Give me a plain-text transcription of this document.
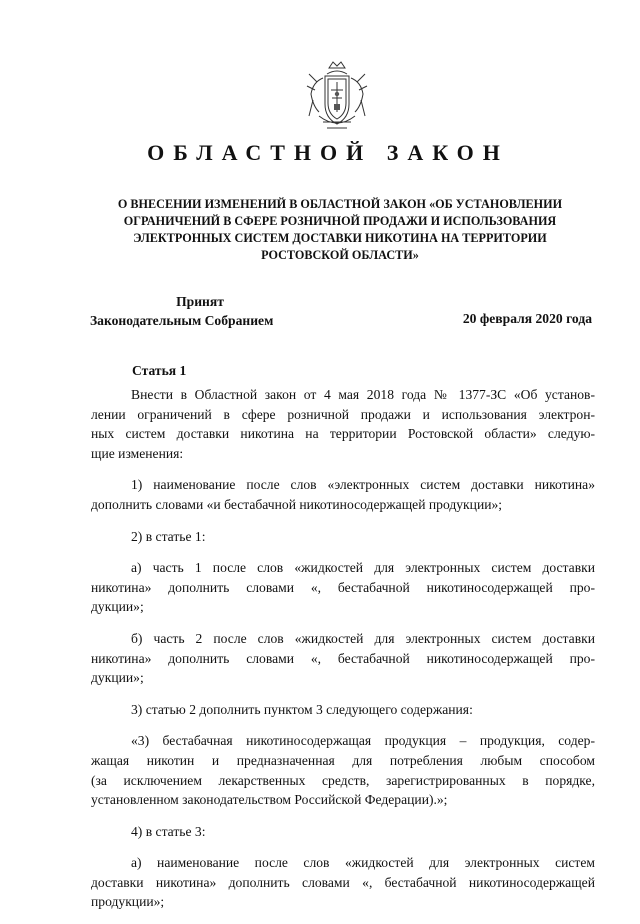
ОБЛАСТНОЙ ЗАКОН
О ВНЕСЕНИИ ИЗМЕНЕНИЙ В ОБЛАСТНОЙ ЗАКОН «ОБ УСТАНОВЛЕНИИ
ОГРАНИЧЕНИЙ В СФЕРЕ РОЗНИЧНОЙ ПРОДАЖИ И ИСПОЛЬЗОВАНИЯ
ЭЛЕКТРОННЫХ СИСТЕМ ДОСТАВКИ НИКОТИНА НА ТЕРРИТОРИИ
РОСТОВСКОЙ ОБЛАСТИ»
Принят
Законодательным Собранием	20 февраля 2020 года
Статья 1
Внести в Областной закон от 4 мая 2018 года № 1377-ЗС «Об установ-
лении ограничений в сфере розничной продажи и использования электрон-
ных систем доставки никотина на территории Ростовской области» следую-
щие изменения:
1) наименование после слов «электронных систем доставки никотина»
дополнить словами «и бестабачной никотиносодержащей продукции»;
2) в статье 1:
а) часть 1 после слов «жидкостей для электронных систем доставки
никотина» дополнить словами «, бестабачной никотиносодержащей про-
дукции»;
б) часть 2 после слов «жидкостей для электронных систем доставки
никотина» дополнить словами «, бестабачной никотиносодержащей про-
дукции»;
3) статью 2 дополнить пунктом 3 следующего содержания:
«3) бестабачная никотиносодержащая продукция – продукция, содер-
жащая никотин и предназначенная для потребления любым способом
(за исключением лекарственных средств, зарегистрированных в порядке,
установленном законодательством Российской Федерации).»;
4) в статье 3:
а) наименование после слов «жидкостей для электронных систем
доставки никотина» дополнить словами «, бестабачной никотиносодержащей
продукции»;
